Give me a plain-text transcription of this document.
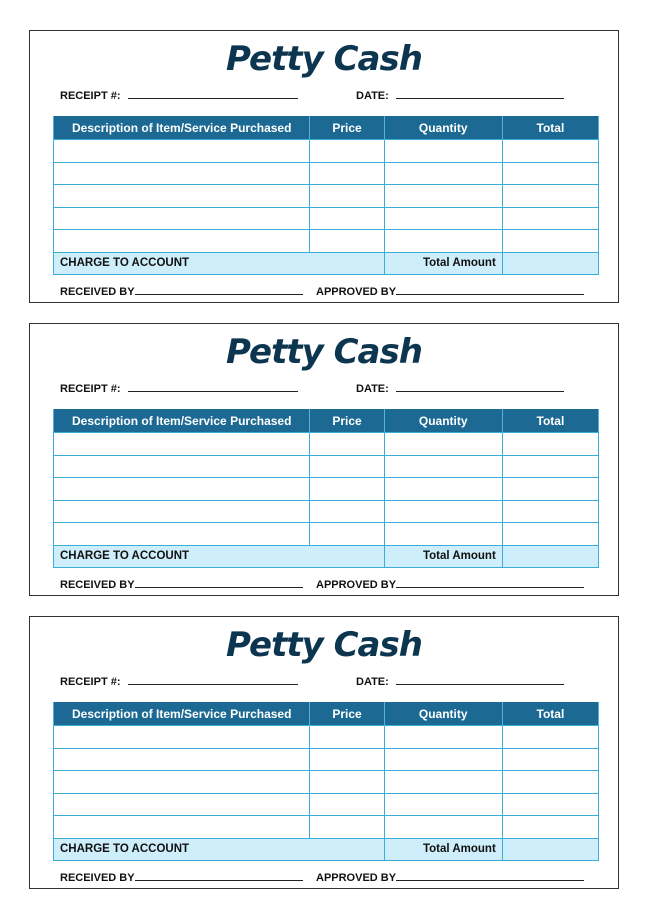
Petty Cash
RECEIPT #:	DATE:
Description of Item/Service Purchased	Price	Quantity	Total

CHARGE TO ACCOUNT		Total Amount	
RECEIVED BY	APPROVED BY
Petty Cash
RECEIPT #:	DATE:
Description of Item/Service Purchased	Price	Quantity	Total

CHARGE TO ACCOUNT		Total Amount	
RECEIVED BY	APPROVED BY
Petty Cash
RECEIPT #:	DATE:
Description of Item/Service Purchased	Price	Quantity	Total

CHARGE TO ACCOUNT		Total Amount	
RECEIVED BY	APPROVED BY
